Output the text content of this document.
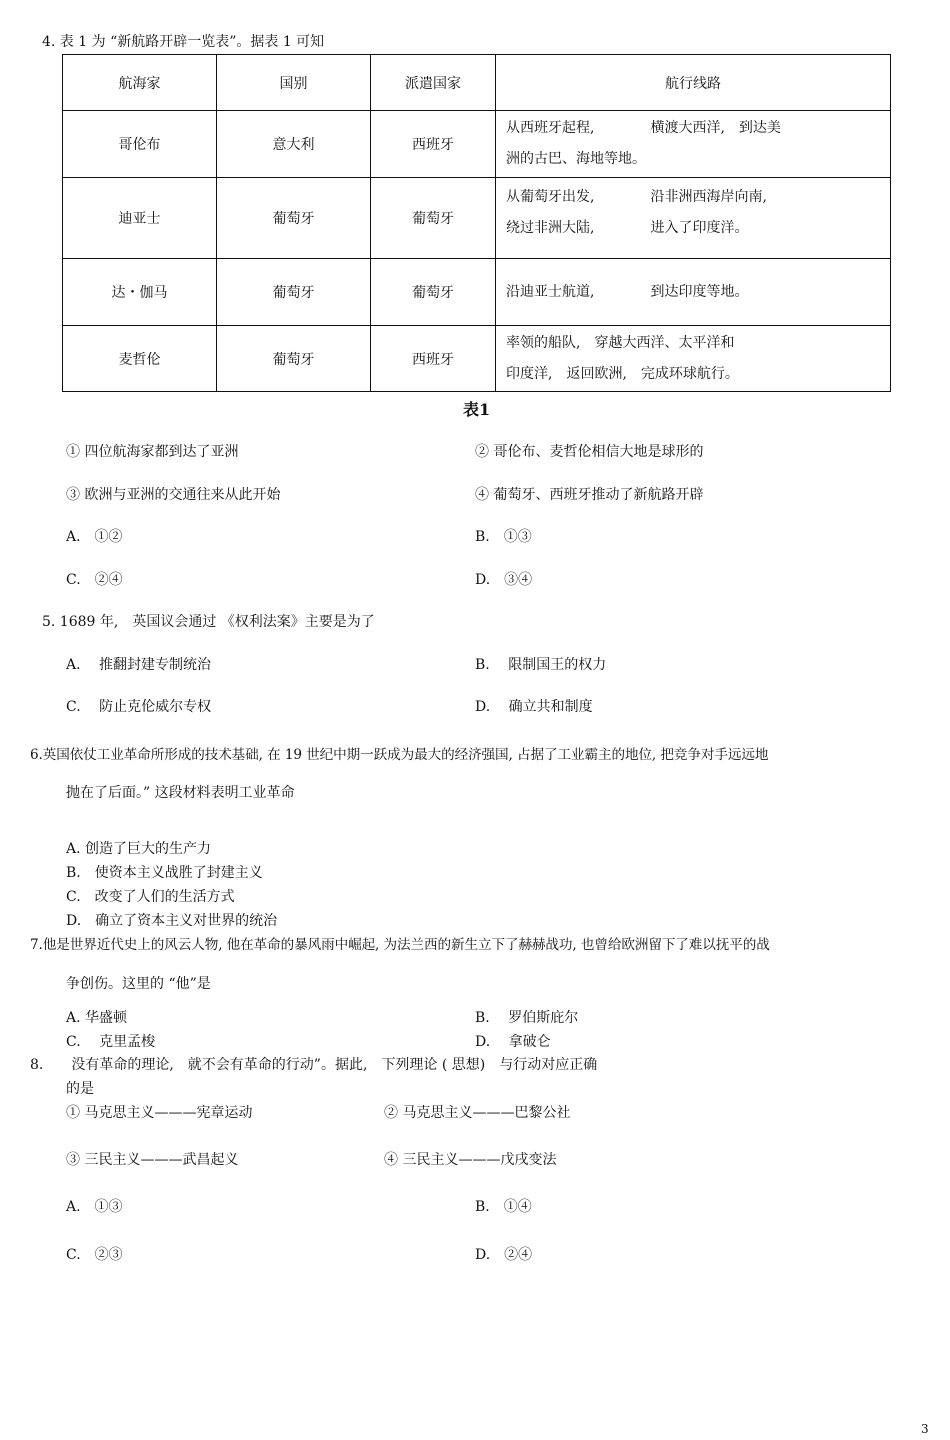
4. 表 1 为 “新航路开辟一览表”。据表 1 可知
航海家	国别	派遣国家	航行线路
哥伦布	意大利	西班牙	从西班牙起程,　　　　横渡大西洋,　到达美
洲的古巴、海地等地。

迪亚士	葡萄牙	葡萄牙	从葡萄牙出发,　　　　沿非洲西海岸向南,
绕过非洲大陆,　　　　进入了印度洋。

达・伽马	葡萄牙	葡萄牙	沿迪亚士航道,　　　　到达印度等地。

麦哲伦	葡萄牙	西班牙	率领的船队,　穿越大西洋、太平洋和
印度洋,　返回欧洲,　完成环球航行。
表1
① 四位航海家都到达了亚洲	② 哥伦布、麦哲伦相信大地是球形的
③ 欧洲与亚洲的交通往来从此开始	④ 葡萄牙、西班牙推动了新航路开辟
A.　①②	B.　①③
C.　②④	D.　③④
5. 1689 年,　英国议会通过 《权利法案》主要是为了
A.　 推翻封建专制统治	B.　 限制国王的权力
C.　 防止克伦威尔专权	D.　 确立共和制度
6.英国依仗工业革命所形成的技术基础, 在 19 世纪中期一跃成为最大的经济强国, 占据了工业霸主的地位, 把竞争对手远远地
抛在了后面。” 这段材料表明工业革命
A. 创造了巨大的生产力
B.　使资本主义战胜了封建主义
C.　改变了人们的生活方式
D.　确立了资本主义对世界的统治
7.他是世界近代史上的风云人物, 他在革命的暴风雨中崛起, 为法兰西的新生立下了赫赫战功, 也曾给欧洲留下了难以抚平的战
争创伤。这里的 “他”是
A. 华盛顿	B.　 罗伯斯庇尔
C.　 克里孟梭	D.　 拿破仑
8.　　没有革命的理论,　就不会有革命的行动”。据此,　下列理论 ( 思想)　与行动对应正确
的是
① 马克思主义———宪章运动	② 马克思主义———巴黎公社
③ 三民主义———武昌起义	④ 三民主义———戊戌变法
A.　①③	B.　①④
C.　②③	D.　②④
3
